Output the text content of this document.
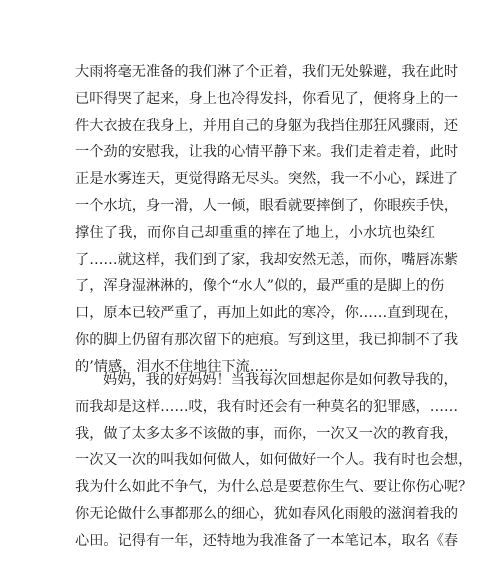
大雨将毫无准备的我们淋了个正着，我们无处躲避，我在此时
已吓得哭了起来，身上也冷得发抖，你看见了，便将身上的一
件大衣披在我身上，并用自己的身躯为我挡住那狂风骤雨，还
一个劲的安慰我，让我的心情平静下来。我们走着走着，此时
正是水雾连天，更觉得路无尽头。突然，我一不小心，踩进了
一个水坑，身一滑，人一倾，眼看就要摔倒了，你眼疾手快，
撑住了我，而你自己却重重的摔在了地上，小水坑也染红
了……就这样，我们到了家，我却安然无恙，而你，嘴唇冻紫
了，浑身湿淋淋的，像个“水人”似的，最严重的是脚上的伤
口，原本已较严重了，再加上如此的寒冷，你……直到现在，
你的脚上仍留有那次留下的疤痕。写到这里，我已抑制不了我
的’情感，泪水不住地往下流……
妈妈，我的好妈妈！当我每次回想起你是如何教导我的，
而我却是这样……哎，我有时还会有一种莫名的犯罪感，……
我，做了太多太多不该做的事，而你，一次又一次的教育我，
一次又一次的叫我如何做人，如何做好一个人。我有时也会想，
我为什么如此不争气，为什么总是要惹你生气、要让你伤心呢？
你无论做什么事都那么的细心，犹如春风化雨般的滋润着我的
心田。记得有一年，还特地为我准备了一本笔记本，取名《春
